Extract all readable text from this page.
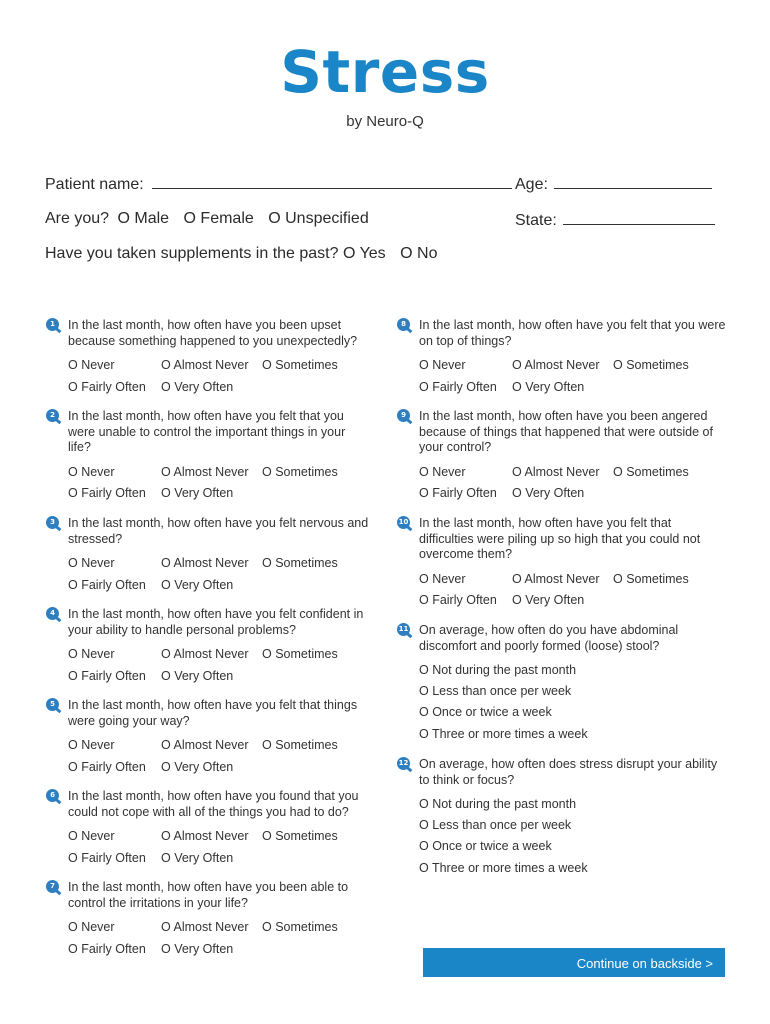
Stress
by Neuro-Q
Patient name:	Age:
Are you? O Male O Female O Unspecified	State:
Have you taken supplements in the past? O Yes O No
1	In the last month, how often have you been upset because something happened to you unexpectedly?

O Never	O Almost Never	O Sometimes
O Fairly Often	O Very Often
2	In the last month, how often have you felt that you were unable to control the important things in your life?

O Never	O Almost Never	O Sometimes
O Fairly Often	O Very Often
3	In the last month, how often have you felt nervous and stressed?

O Never	O Almost Never	O Sometimes
O Fairly Often	O Very Often
4	In the last month, how often have you felt confident in your ability to handle personal problems?

O Never	O Almost Never	O Sometimes
O Fairly Often	O Very Often
5	In the last month, how often have you felt that things were going your way?

O Never	O Almost Never	O Sometimes
O Fairly Often	O Very Often
6	In the last month, how often have you found that you could not cope with all of the things you had to do?

O Never	O Almost Never	O Sometimes
O Fairly Often	O Very Often
7	In the last month, how often have you been able to control the irritations in your life?

O Never	O Almost Never	O Sometimes
O Fairly Often	O Very Often
8	In the last month, how often have you felt that you were on top of things?

O Never	O Almost Never	O Sometimes
O Fairly Often	O Very Often
9	In the last month, how often have you been angered because of things that happened that were outside of your control?

O Never	O Almost Never	O Sometimes
O Fairly Often	O Very Often
10 In the last month, how often have you felt that difficulties were piling up so high that you could not overcome them?

O Never	O Almost Never	O Sometimes
O Fairly Often	O Very Often
11 On average, how often do you have abdominal discomfort and poorly formed (loose) stool?

O Not during the past month
O Less than once per week
O Once or twice a week
O Three or more times a week
12 On average, how often does stress disrupt your ability to think or focus?

O Not during the past month
O Less than once per week
O Once or twice a week
O Three or more times a week
Continue on backside >
